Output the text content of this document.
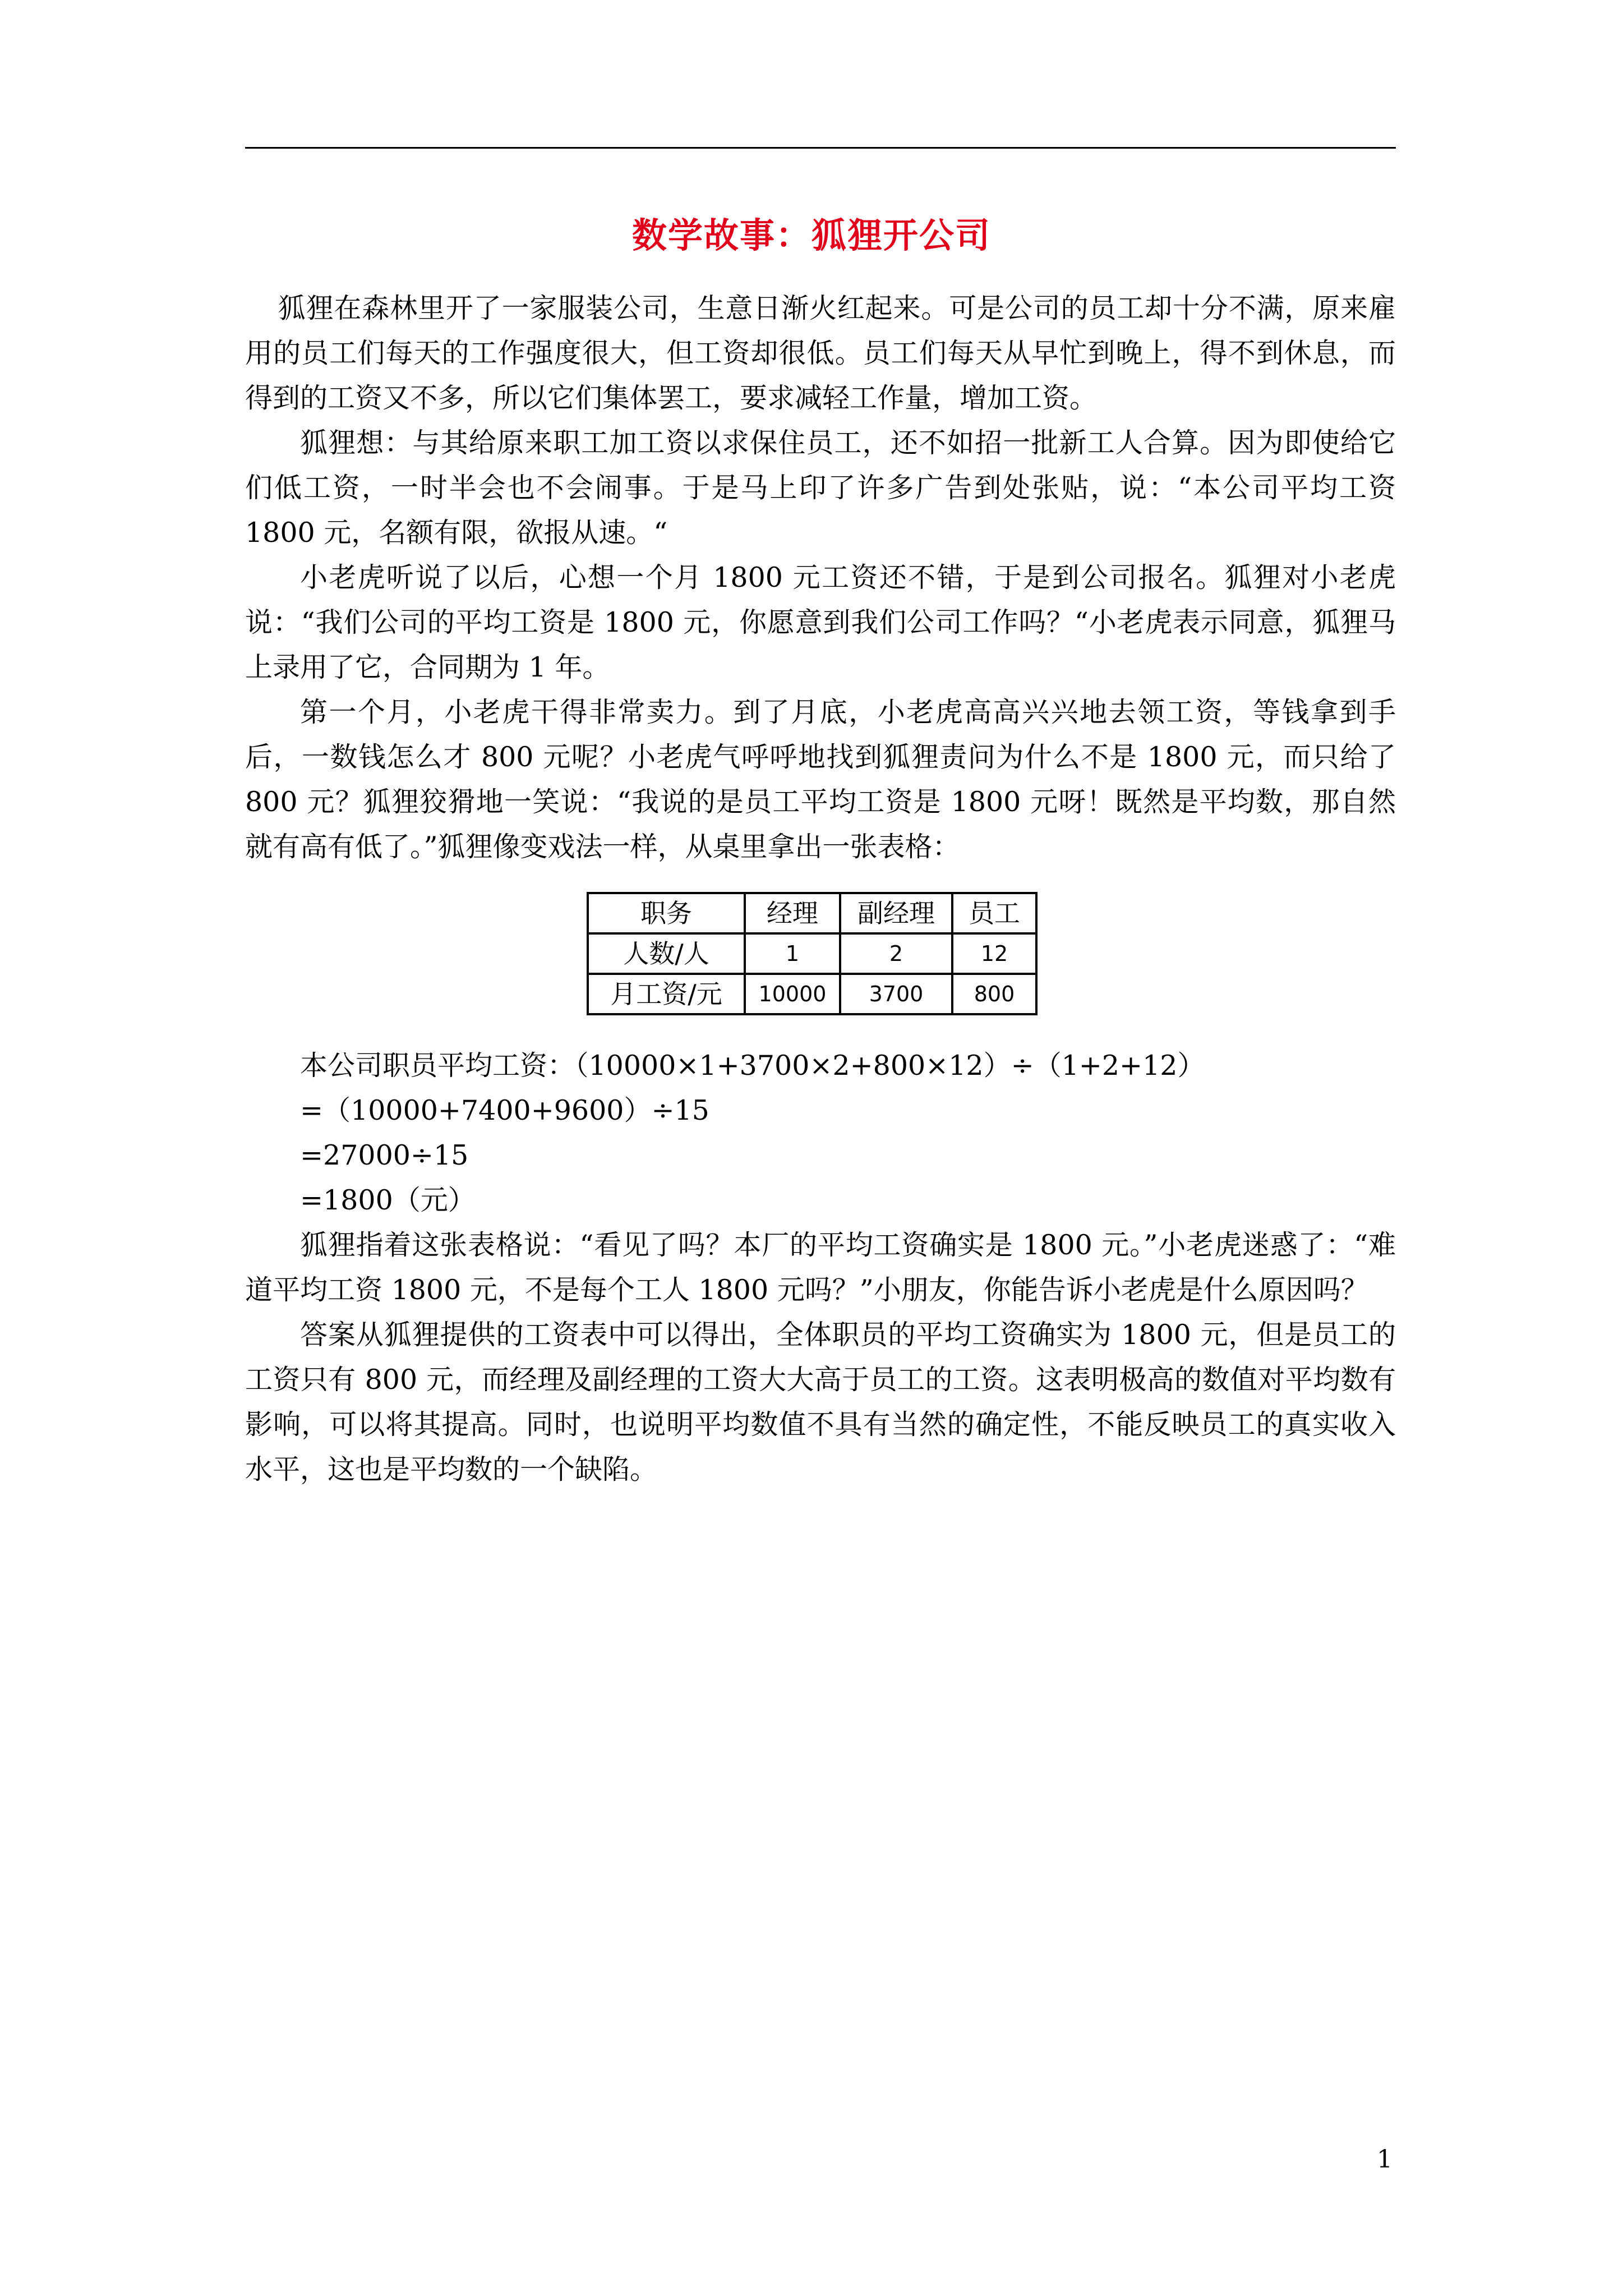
数学故事：狐狸开公司

狐狸在森林里开了一家服装公司，生意日渐火红起来。可是公司的员工却十分不满，原来雇用的员工们每天的工作强度很大，但工资却很低。员工们每天从早忙到晚上，得不到休息，而得到的工资又不多，所以它们集体罢工，要求减轻工作量，增加工资。

狐狸想：与其给原来职工加工资以求保住员工，还不如招一批新工人合算。因为即使给它们低工资，一时半会也不会闹事。于是马上印了许多广告到处张贴，说：“本公司平均工资 1800 元，名额有限，欲报从速。“

小老虎听说了以后，心想一个月 1800 元工资还不错，于是到公司报名。狐狸对小老虎说：“我们公司的平均工资是 1800 元，你愿意到我们公司工作吗？“小老虎表示同意，狐狸马上录用了它，合同期为 1 年。

第一个月，小老虎干得非常卖力。到了月底，小老虎高高兴兴地去领工资，等钱拿到手后，一数钱怎么才 800 元呢？小老虎气呼呼地找到狐狸责问为什么不是 1800 元，而只给了 800 元？狐狸狡猾地一笑说：“我说的是员工平均工资是 1800 元呀！既然是平均数，那自然就有高有低了。”狐狸像变戏法一样，从桌里拿出一张表格：

职务	经理	副经理	员工
人数/人	1	2	12
月工资/元	10000	3700	800

本公司职员平均工资：（10000×1+3700×2+800×12）÷（1+2+12）

=（10000+7400+9600）÷15

=27000÷15

=1800（元）

狐狸指着这张表格说：“看见了吗？本厂的平均工资确实是 1800 元。”小老虎迷惑了：“难道平均工资 1800 元，不是每个工人 1800 元吗？”小朋友，你能告诉小老虎是什么原因吗？

答案从狐狸提供的工资表中可以得出，全体职员的平均工资确实为 1800 元，但是员工的工资只有 800 元，而经理及副经理的工资大大高于员工的工资。这表明极高的数值对平均数有影响，可以将其提高。同时，也说明平均数值不具有当然的确定性，不能反映员工的真实收入水平，这也是平均数的一个缺陷。

1
